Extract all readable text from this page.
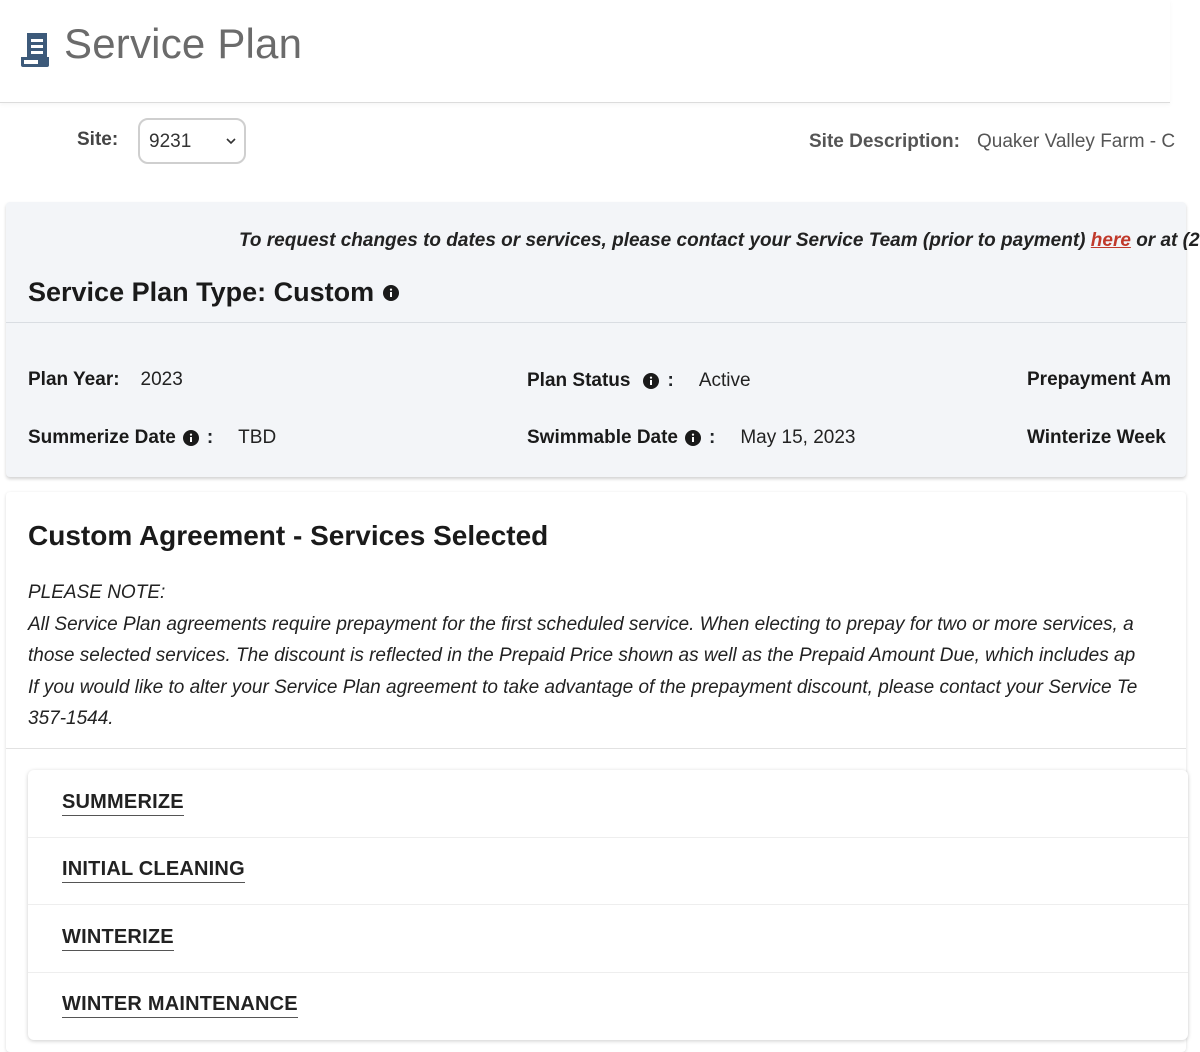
Service Plan
Site: 9231	Site Description: Quaker Valley Farm - C
To request changes to dates or services, please contact your Service Team (prior to payment) here or at (2
Service Plan Type: Custom
Plan Year: 2023	Plan Status : Active	Prepayment Am
Summerize Date : TBD	Swimmable Date : May 15, 2023	Winterize Week
Custom Agreement - Services Selected
PLEASE NOTE:
All Service Plan agreements require prepayment for the first scheduled service. When electing to prepay for two or more services, a
those selected services. The discount is reflected in the Prepaid Price shown as well as the Prepaid Amount Due, which includes ap
If you would like to alter your Service Plan agreement to take advantage of the prepayment discount, please contact your Service Te
357-1544.
SUMMERIZE
INITIAL CLEANING
WINTERIZE
WINTER MAINTENANCE
